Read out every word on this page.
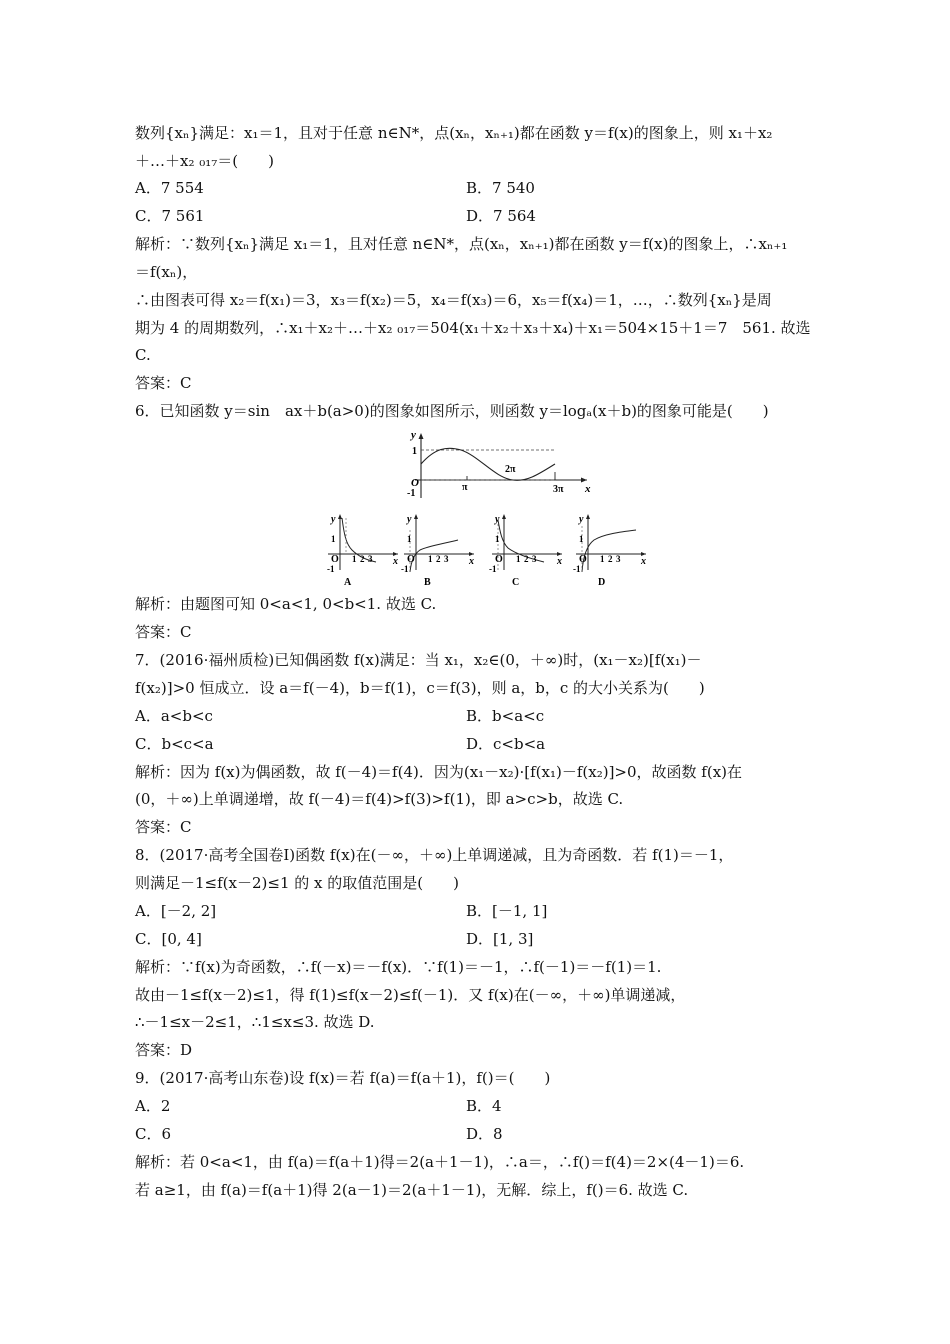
数列{xₙ}满足：x₁＝1，且对于任意 n∈N*，点(xₙ，xₙ₊₁)都在函数 y＝f(x)的图象上，则 x₁＋x₂
＋…＋x₂ ₀₁₇＝(　　)
A．7 554	B．7 540
C．7 561	D．7 564
解析：∵数列{xₙ}满足 x₁＝1，且对任意 n∈N*，点(xₙ，xₙ₊₁)都在函数 y＝f(x)的图象上，∴xₙ₊₁
＝f(xₙ)，
∴由图表可得 x₂＝f(x₁)＝3，x₃＝f(x₂)＝5，x₄＝f(x₃)＝6，x₅＝f(x₄)＝1，…，∴数列{xₙ}是周
期为 4 的周期数列，∴x₁＋x₂＋…＋x₂ ₀₁₇＝504(x₁＋x₂＋x₃＋x₄)＋x₁＝504×15＋1＝7　561. 故选
C.
答案：C
6．已知函数 y＝sin　ax＋b(a>0)的图象如图所示，则函数 y＝logₐ(x＋b)的图象可能是(　　)
y
x
O
1
-1
π
2π
3π
y
x
O
1
-1
1 2 3
A
y
x
O
1
-1
1 2 3
B
y
x
O
1
-1
1 2 3
C
y
x
O
1
-1
1 2 3
D
解析：由题图可知 0<a<1, 0<b<1. 故选 C.
答案：C
7．(2016·福州质检)已知偶函数 f(x)满足：当 x₁，x₂∈(0，＋∞)时，(x₁－x₂)[f(x₁)－
f(x₂)]>0 恒成立．设 a＝f(－4)，b＝f(1)，c＝f(3)，则 a，b，c 的大小关系为(　　)
A．a<b<c	B．b<a<c
C．b<c<a	D．c<b<a
解析：因为 f(x)为偶函数，故 f(－4)＝f(4)．因为(x₁－x₂)·[f(x₁)－f(x₂)]>0，故函数 f(x)在
(0，＋∞)上单调递增，故 f(－4)＝f(4)>f(3)>f(1)，即 a>c>b，故选 C.
答案：C
8．(2017·高考全国卷Ⅰ)函数 f(x)在(－∞，＋∞)上单调递减，且为奇函数．若 f(1)＝－1，
则满足－1≤f(x－2)≤1 的 x 的取值范围是(　　)
A．[－2, 2]	B．[－1, 1]
C．[0, 4]	D．[1, 3]
解析：∵f(x)为奇函数，∴f(－x)＝－f(x)．∵f(1)＝－1，∴f(－1)＝－f(1)＝1.
故由－1≤f(x－2)≤1，得 f(1)≤f(x－2)≤f(－1)．又 f(x)在(－∞，＋∞)单调递减，
∴－1≤x－2≤1，∴1≤x≤3. 故选 D.
答案：D
9．(2017·高考山东卷)设 f(x)＝若 f(a)＝f(a＋1)，f()＝(　　)
A．2	B．4
C．6	D．8
解析：若 0<a<1，由 f(a)＝f(a＋1)得＝2(a＋1－1)，∴a＝，∴f()＝f(4)＝2×(4－1)＝6.
若 a≥1，由 f(a)＝f(a＋1)得 2(a－1)＝2(a＋1－1)，无解．综上，f()＝6. 故选 C.
